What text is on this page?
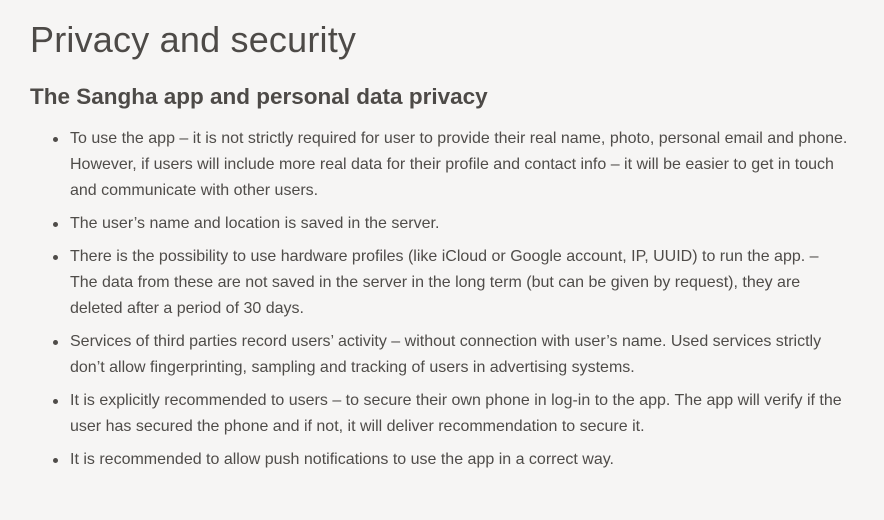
Privacy and security
The Sangha app and personal data privacy
To use the app – it is not strictly required for user to provide their real name, photo, personal email and phone. However, if users will include more real data for their profile and contact info – it will be easier to get in touch and communicate with other users.
The user’s name and location is saved in the server.
There is the possibility to use hardware profiles (like iCloud or Google account, IP, UUID) to run the app. – The data from these are not saved in the server in the long term (but can be given by request), they are deleted after a period of 30 days.
Services of third parties record users’ activity – without connection with user’s name. Used services strictly don’t allow fingerprinting, sampling and tracking of users in advertising systems.
It is explicitly recommended to users – to secure their own phone in log-in to the app. The app will verify if the user has secured the phone and if not, it will deliver recommendation to secure it.
It is recommended to allow push notifications to use the app in a correct way.
